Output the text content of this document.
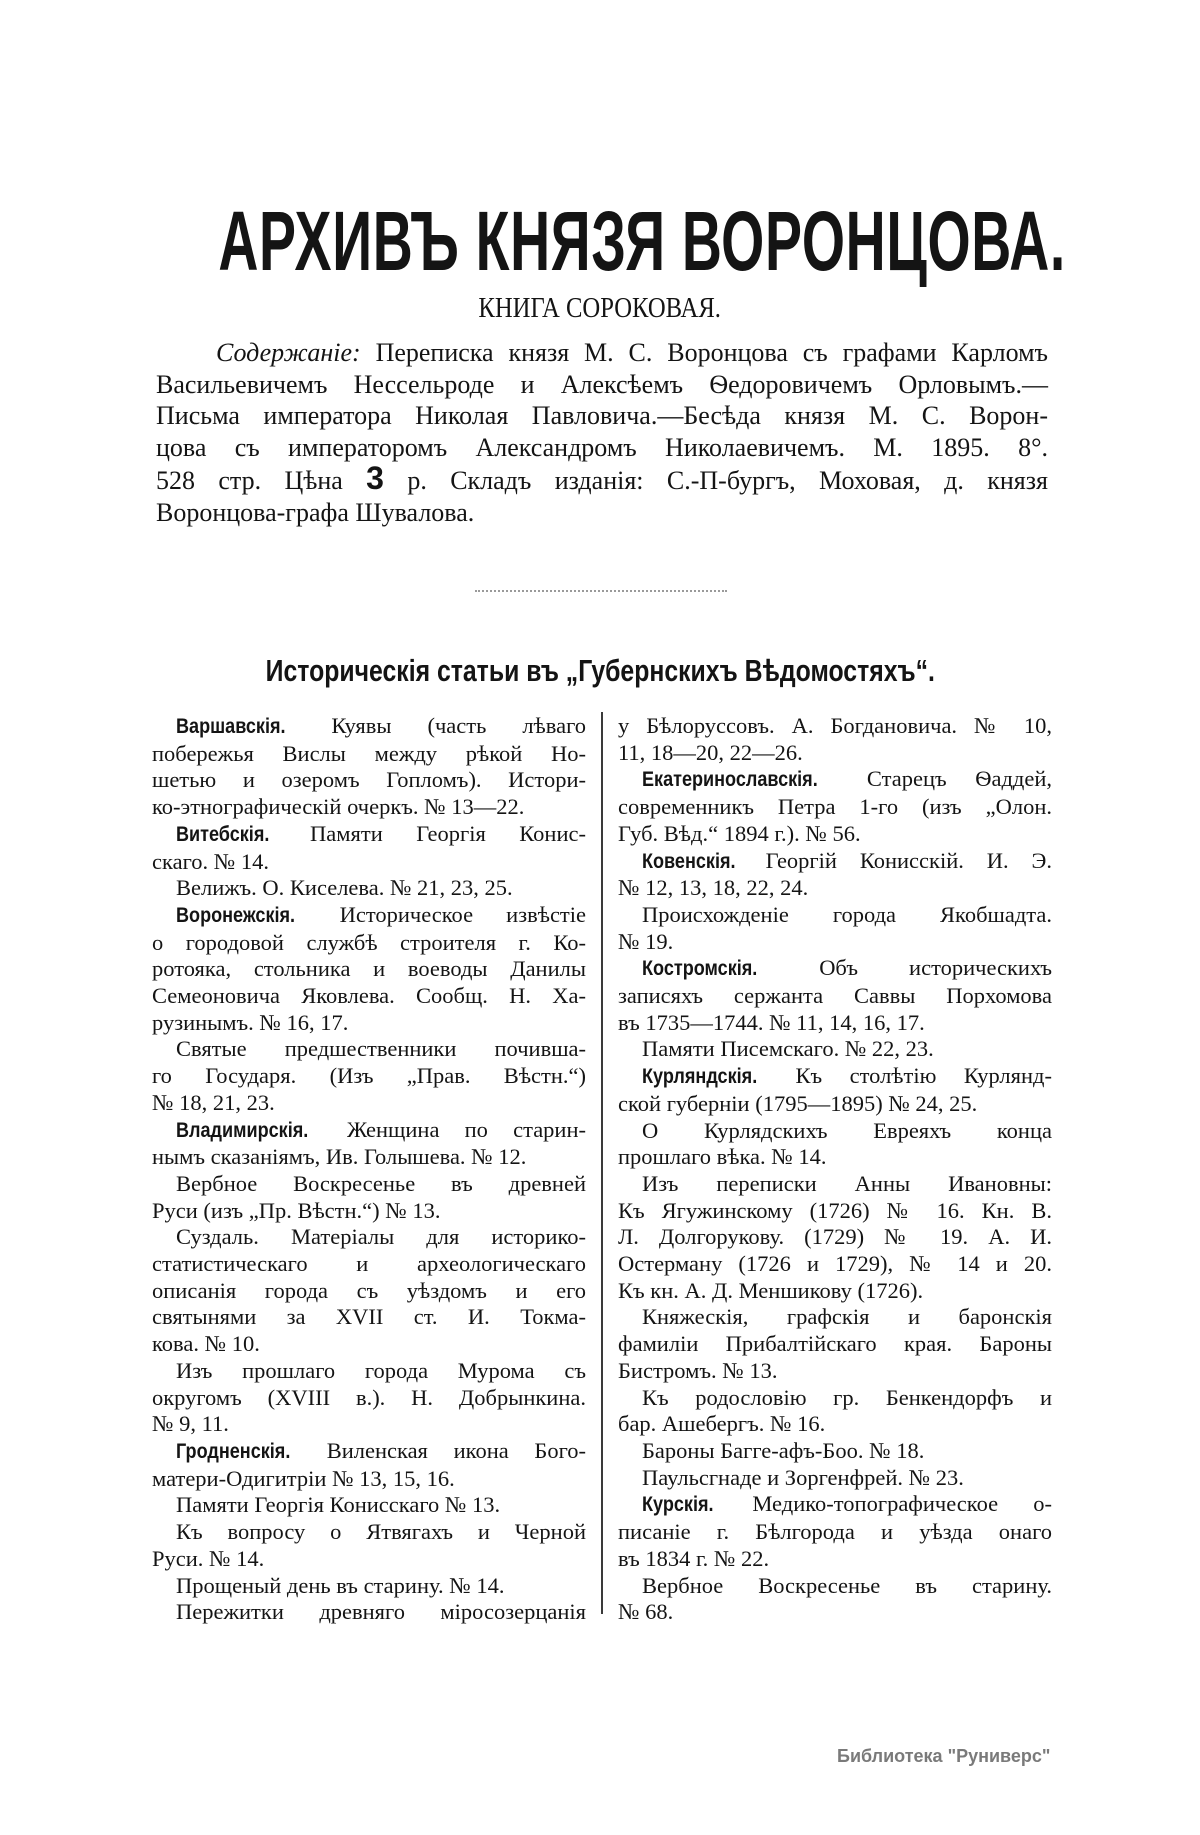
АРХИВЪ КНЯЗЯ ВОРОНЦОВА.
КНИГА СОРОКОВАЯ.
Содержаніе: Переписка князя М. С. Воронцова съ графами Карломъ
Васильевичемъ Нессельроде и Алексѣемъ Ѳедоровичемъ Орловымъ.—
Письма императора Николая Павловича.—Бесѣда князя М. С. Ворон-
цова съ императоромъ Александромъ Николаевичемъ. М. 1895. 8°.
528 стр. Цѣна 3 р. Складъ изданія: С.-П-бургъ, Моховая, д. князя
Воронцова-графа Шувалова.
Историческія статьи въ „Губернскихъ Вѣдомостяхъ“.
Варшавскія. Куявы (часть лѣваго
побережья Вислы между рѣкой Но-
шетью и озеромъ Гопломъ). Истори-
ко-этнографическій очеркъ. № 13—22.
Витебскія. Памяти Георгія Конис-
скаго. № 14.
Велижъ. О. Киселева. № 21, 23, 25.
Воронежскія. Историческое извѣстіе
о городовой службѣ строителя г. Ко-
ротояка, стольника и воеводы Данилы
Семеоновича Яковлева. Сообщ. Н. Ха-
рузинымъ. № 16, 17.
Святые предшественники почивша-
го Государя. (Изъ „Прав. Вѣстн.“)
№ 18, 21, 23.
Владимирскія. Женщина по старин-
нымъ сказаніямъ, Ив. Голышева. № 12.
Вербное Воскресенье въ древней
Руси (изъ „Пр. Вѣстн.“) № 13.
Суздаль. Матеріалы для историко-
статистическаго и археологическаго
описанія города съ уѣздомъ и его
святынями за XVII ст. И. Токма-
кова. № 10.
Изъ прошлаго города Мурома съ
округомъ (XVIII в.). Н. Добрынкина.
№ 9, 11.
Гродненскія. Виленская икона Бого-
матери-Одигитріи № 13, 15, 16.
Памяти Георгія Конисскаго № 13.
Къ вопросу о Ятвягахъ и Черной
Руси. № 14.
Прощеный день въ старину. № 14.
Пережитки древняго міросозерцанія
у Бѣлоруссовъ. А. Богдановича. № 10,
11, 18—20, 22—26.
Екатеринославскія. Старецъ Ѳаддей,
современникъ Петра 1-го (изъ „Олон.
Губ. Вѣд.“ 1894 г.). № 56.
Ковенскія. Георгій Конисскій. И. Э.
№ 12, 13, 18, 22, 24.
Происхожденіе города Якобшадта.
№ 19.
Костромскія.	Объ историческихъ
записяхъ сержанта Саввы Порхомова
въ 1735—1744. № 11, 14, 16, 17.
Памяти Писемскаго. № 22, 23.
Курляндскія. Къ столѣтію Курлянд-
ской губерніи (1795—1895) № 24, 25.
О Курлядскихъ Евреяхъ конца
прошлаго вѣка. № 14.
Изъ переписки Анны Ивановны:
Къ Ягужинскому (1726) № 16. Кн. В.
Л. Долгорукову. (1729) № 19. А. И.
Остерману (1726 и 1729), № 14 и 20.
Къ кн. А. Д. Меншикову (1726).
Княжескія, графскія и баронскія
фамиліи Прибалтійскаго края. Бароны
Бистромъ. № 13.
Къ родословію гр. Бенкендорфъ и
бар. Ашебергъ. № 16.
Бароны Багге-афъ-Боо. № 18.
Паульсгнаде и Зоргенфрей. № 23.
Курскія. Медико-топографическое о-
писаніе г. Бѣлгорода и уѣзда онаго
въ 1834 г. № 22.
Вербное Воскресенье въ старину.
№ 68.
Библиотека "Руниверс"
